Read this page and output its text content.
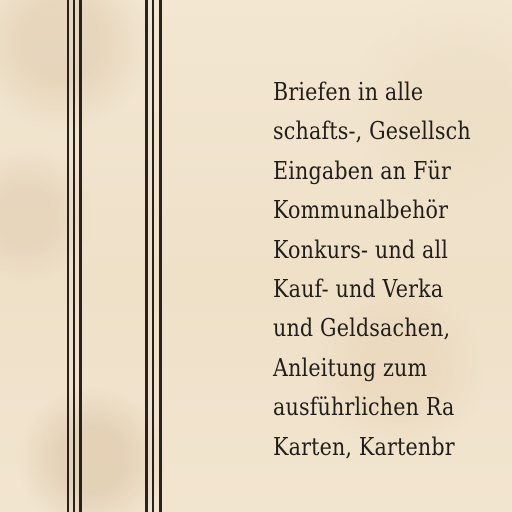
Briefen in alle
schafts-, Gesellsch
Eingaben an Für
Kommunalbehör
Konkurs- und all
Kauf- und Verka
und Geldsachen,
Anleitung zum
ausführlichen Ra
Karten, Kartenbr
